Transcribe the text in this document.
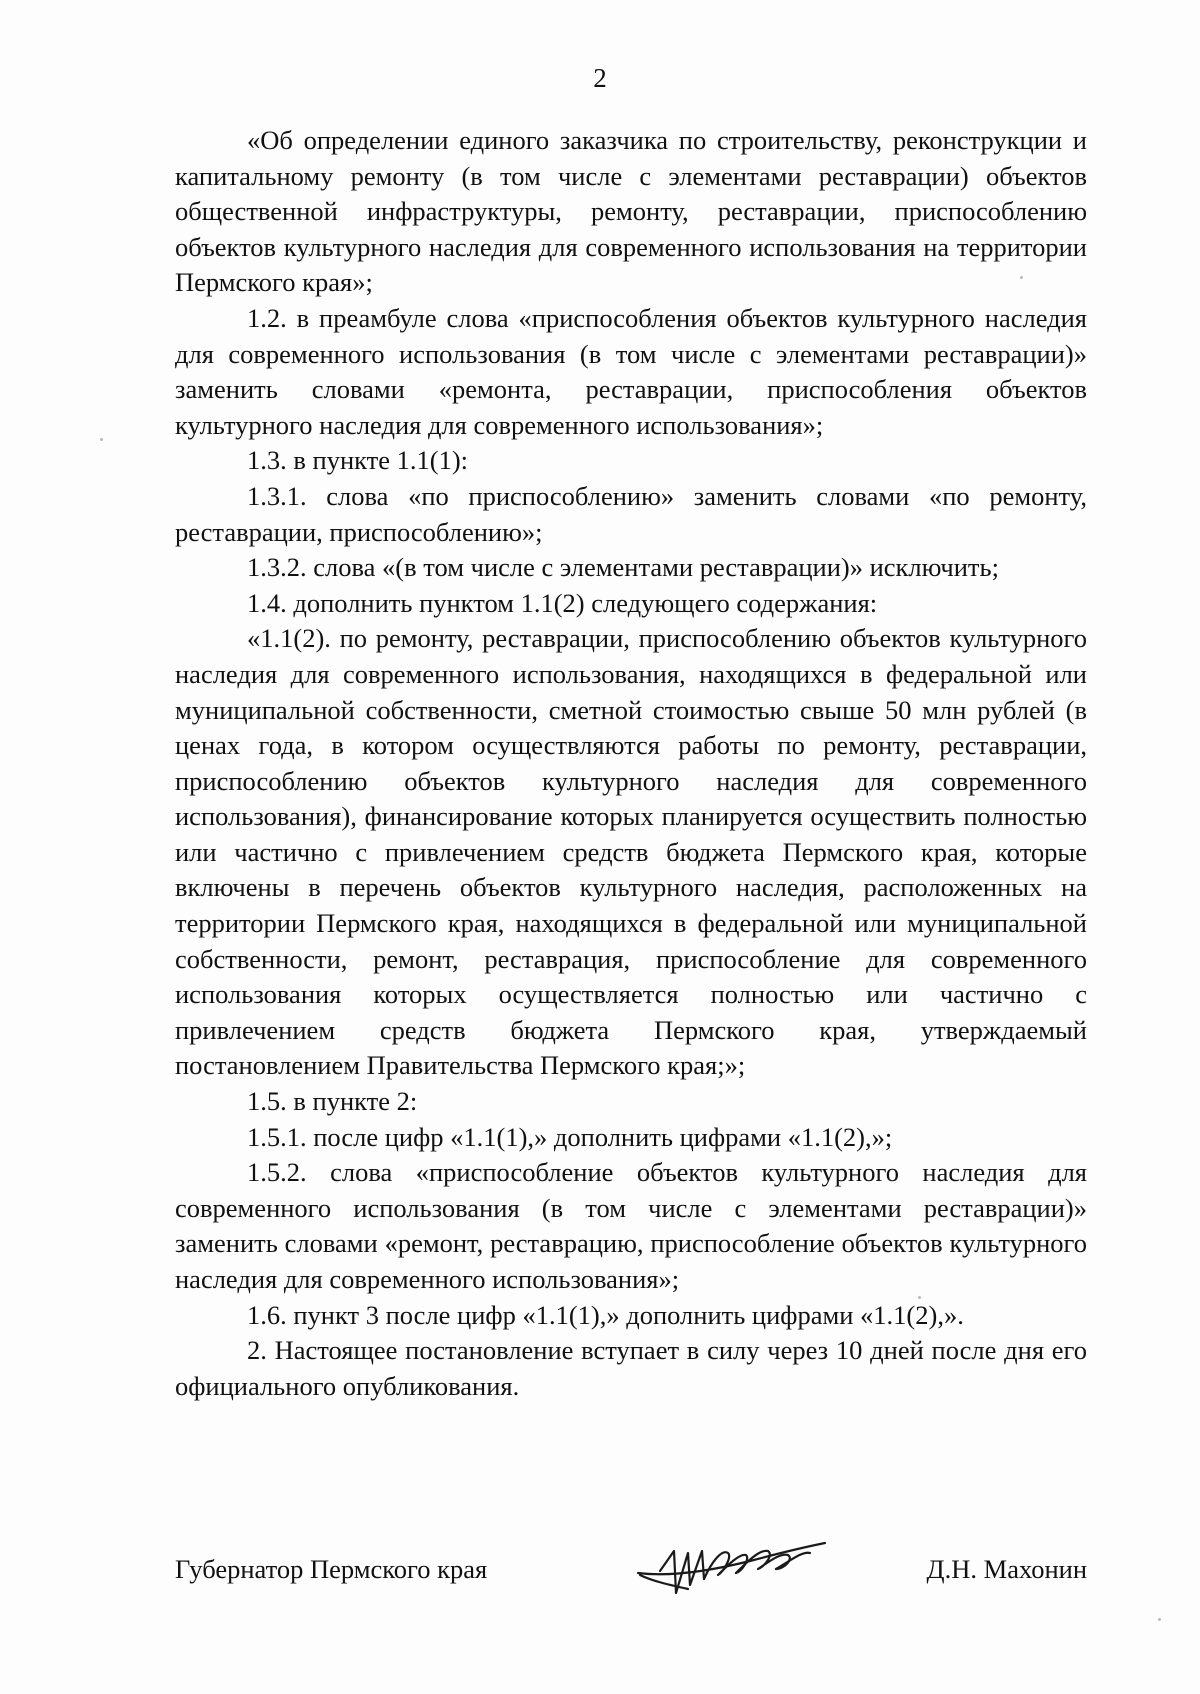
2

«Об определении единого заказчика по строительству, реконструкции и капитальному ремонту (в том числе с элементами реставрации) объектов общественной инфраструктуры, ремонту, реставрации, приспособлению объектов культурного наследия для современного использования на территории Пермского края»;

1.2. в преамбуле слова «приспособления объектов культурного наследия для современного использования (в том числе с элементами реставрации)» заменить словами «ремонта, реставрации, приспособления объектов культурного наследия для современного использования»;

1.3. в пункте 1.1(1):

1.3.1. слова «по приспособлению» заменить словами «по ремонту, реставрации, приспособлению»;

1.3.2. слова «(в том числе с элементами реставрации)» исключить;

1.4. дополнить пунктом 1.1(2) следующего содержания:

«1.1(2). по ремонту, реставрации, приспособлению объектов культурного наследия для современного использования, находящихся в федеральной или муниципальной собственности, сметной стоимостью свыше 50 млн рублей (в ценах года, в котором осуществляются работы по ремонту, реставрации, приспособлению объектов культурного наследия для современного использования), финансирование которых планируется осуществить полностью или частично с привлечением средств бюджета Пермского края, которые включены в перечень объектов культурного наследия, расположенных на территории Пермского края, находящихся в федеральной или муниципальной собственности, ремонт, реставрация, приспособление для современного использования которых осуществляется полностью или частично с привлечением средств бюджета Пермского края, утверждаемый постановлением Правительства Пермского края;»;

1.5. в пункте 2:

1.5.1. после цифр «1.1(1),» дополнить цифрами «1.1(2),»;

1.5.2. слова «приспособление объектов культурного наследия для современного использования (в том числе с элементами реставрации)» заменить словами «ремонт, реставрацию, приспособление объектов культурного наследия для современного использования»;

1.6. пункт 3 после цифр «1.1(1),» дополнить цифрами «1.1(2),».

2. Настоящее постановление вступает в силу через 10 дней после дня его официального опубликования.

Губернатор Пермского края	Д.Н. Махонин
